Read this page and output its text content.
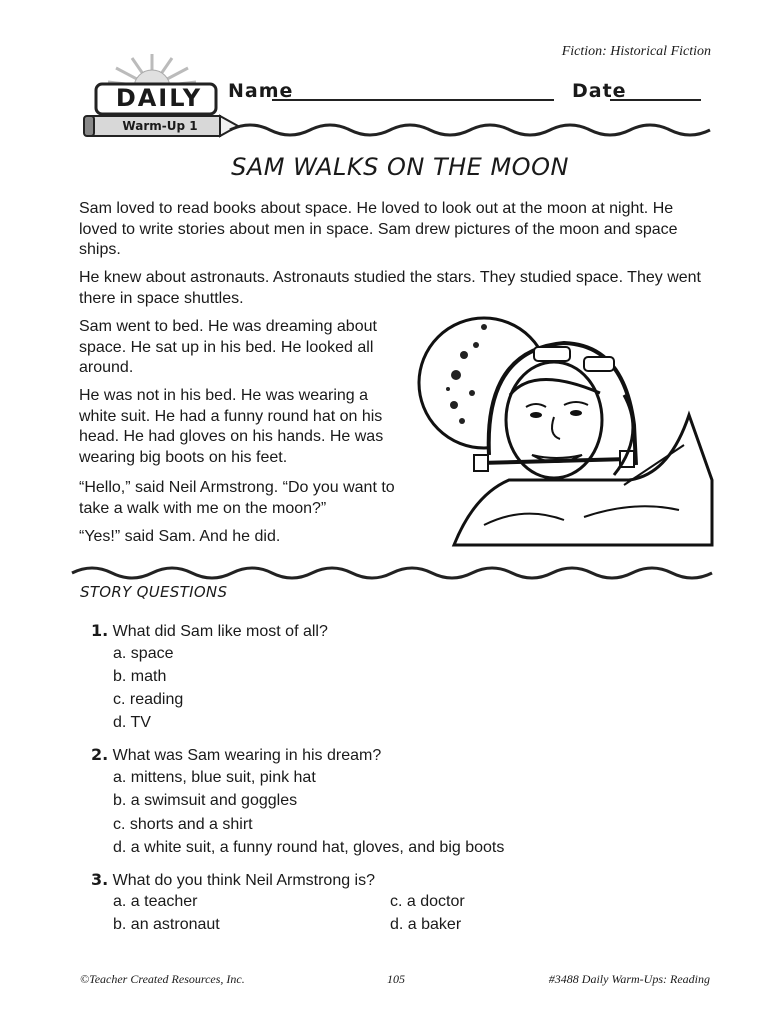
Fiction: Historical Fiction
DAILY
Warm-Up 1
Name	Date
SAM WALKS ON THE MOON
Sam loved to read books about space. He loved to look out at the moon at night. He loved to write stories about men in space. Sam drew pictures of the moon and space ships.
He knew about astronauts. Astronauts studied the stars. They studied space. They went there in space shuttles.
Sam went to bed. He was dreaming about space. He sat up in his bed. He looked all around.
He was not in his bed. He was wearing a white suit. He had a funny round hat on his head. He had gloves on his hands. He was wearing big boots on his feet.
“Hello,” said Neil Armstrong. “Do you want to take a walk with me on the moon?”
“Yes!” said Sam. And he did.
STORY QUESTIONS
1. What did Sam like most of all?
a. space
b. math
c. reading
d. TV
2. What was Sam wearing in his dream?
a. mittens, blue suit, pink hat
b. a swimsuit and goggles
c. shorts and a shirt
d. a white suit, a funny round hat, gloves, and big boots
3. What do you think Neil Armstrong is?
a. a teacher
b. an astronaut
c. a doctor
d. a baker
©Teacher Created Resources, Inc.	105	#3488 Daily Warm-Ups: Reading
